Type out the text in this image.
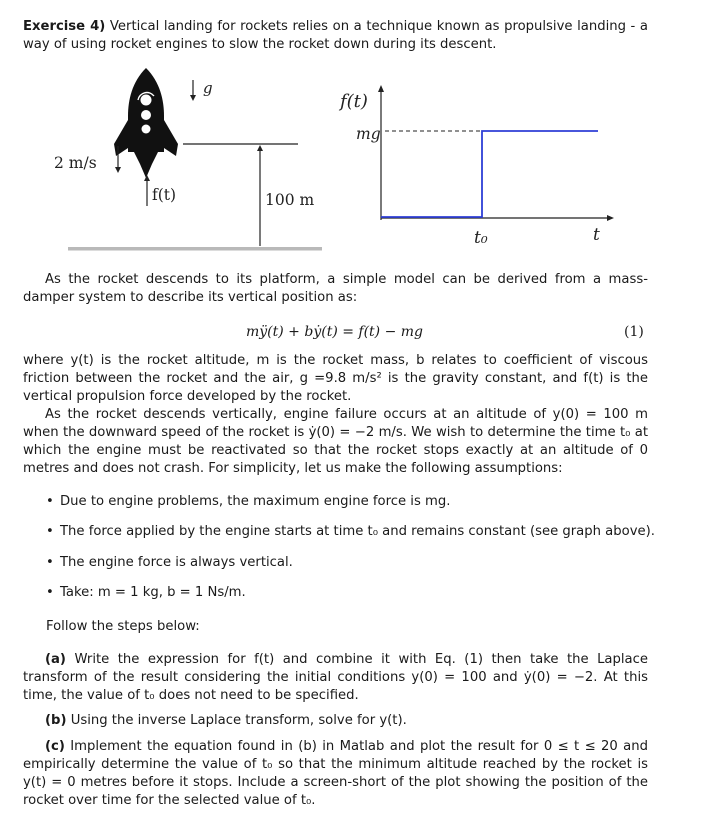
Exercise 4) Vertical landing for rockets relies on a technique known as propulsive landing - a way of using rocket engines to slow the rocket down during its descent.
g
2 m/s
f(t)	100 m
f(t)
mg
t₀	t
As the rocket descends to its platform, a simple model can be derived from a mass-damper system to describe its vertical position as:
mÿ(t) + bẏ(t) = f(t) − mg	(1)
where y(t) is the rocket altitude, m is the rocket mass, b relates to coefficient of viscous friction between the rocket and the air, g =9.8 m/s² is the gravity constant, and f(t) is the vertical propulsion force developed by the rocket.
As the rocket descends vertically, engine failure occurs at an altitude of y(0) = 100 m when the downward speed of the rocket is ẏ(0) = −2 m/s. We wish to determine the time t₀ at which the engine must be reactivated so that the rocket stops exactly at an altitude of 0 metres and does not crash. For simplicity, let us make the following assumptions:
• Due to engine problems, the maximum engine force is mg.
• The force applied by the engine starts at time t₀ and remains constant (see graph above).
• The engine force is always vertical.
• Take: m = 1 kg, b = 1 Ns/m.
Follow the steps below:
(a) Write the expression for f(t) and combine it with Eq. (1) then take the Laplace transform of the result considering the initial conditions y(0) = 100 and ẏ(0) = −2. At this time, the value of t₀ does not need to be specified.
(b) Using the inverse Laplace transform, solve for y(t).
(c) Implement the equation found in (b) in Matlab and plot the result for 0 ≤ t ≤ 20 and empirically determine the value of t₀ so that the minimum altitude reached by the rocket is y(t) = 0 metres before it stops. Include a screen-short of the plot showing the position of the rocket over time for the selected value of t₀.
